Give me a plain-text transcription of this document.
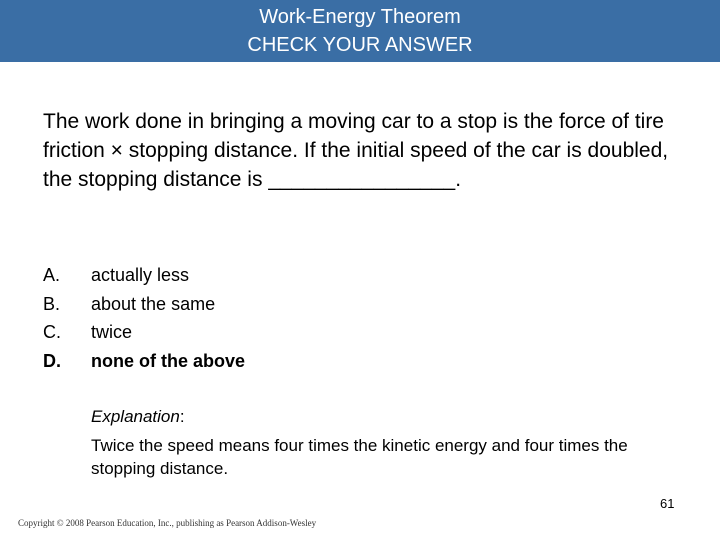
Work-Energy Theorem
CHECK YOUR ANSWER
The work done in bringing a moving car to a stop is the force of tire friction × stopping distance. If the initial speed of the car is doubled, the stopping distance is ________________.
A.	actually less
B.	about the same
C.	twice
D.	none of the above
Explanation:
Twice the speed means four times the kinetic energy and four times the stopping distance.
61
Copyright © 2008 Pearson Education, Inc., publishing as Pearson Addison-Wesley
